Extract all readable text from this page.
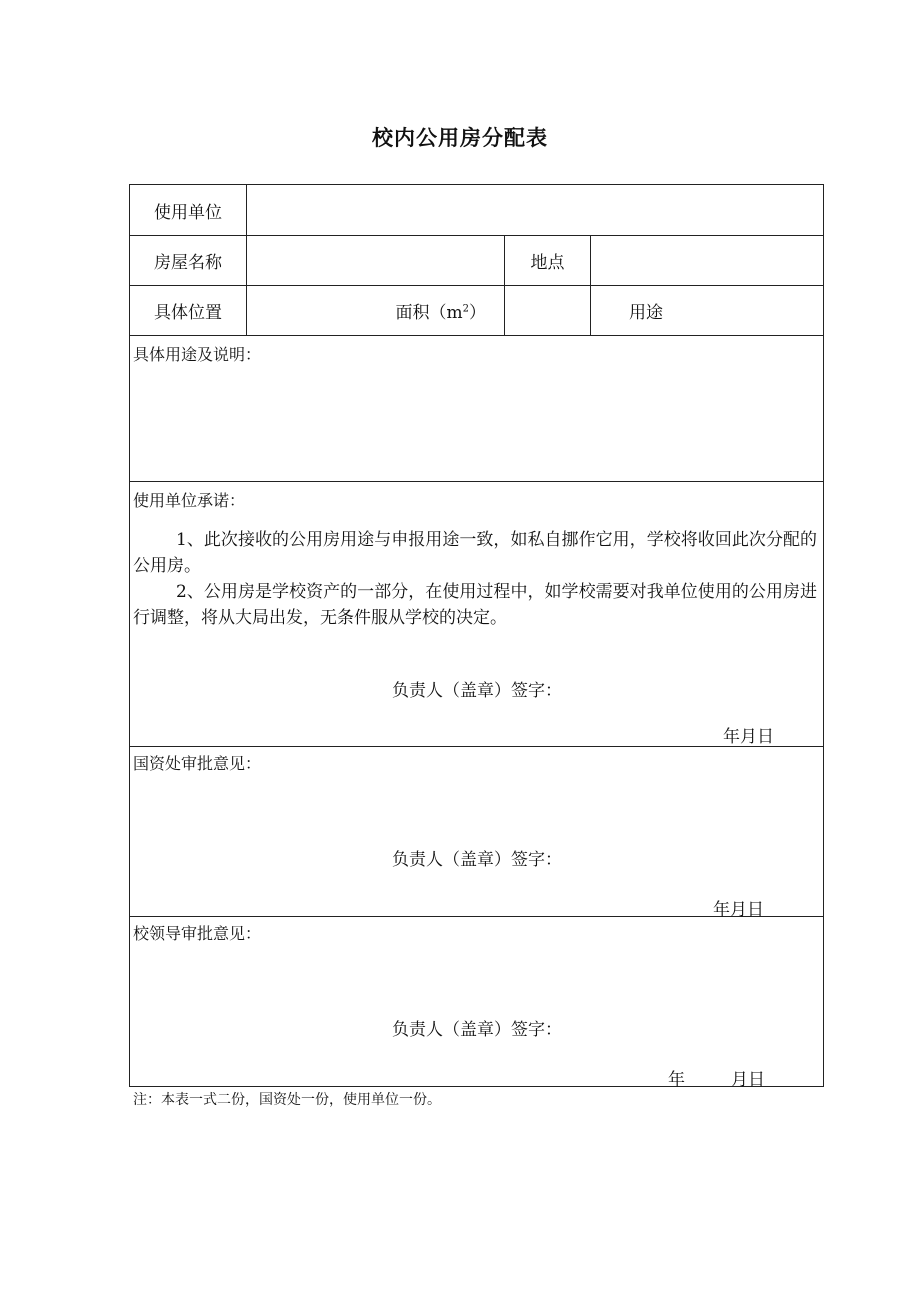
校内公用房分配表
使用单位			
房屋名称		地点	
具体位置	面积$(m^2)$		用途

具体用途及说明：			

使用单位承诺：
1、此次接收的公用房用途与申报用途一致，如私自挪作它用，学校将收回此次分配的公用房。
2、公用房是学校资产的一部分，在使用过程中，如学校需要对我单位使用的公用房进行调整，将从大局出发，无条件服从学校的决定。
负责人（盖章）签字：
年月日			

国资处审批意见：
负责人（盖章）签字：
年月日			

校领导审批意见：
负责人（盖章）签字：
年 月日			
注：本表一式二份，国资处一份，使用单位一份。
